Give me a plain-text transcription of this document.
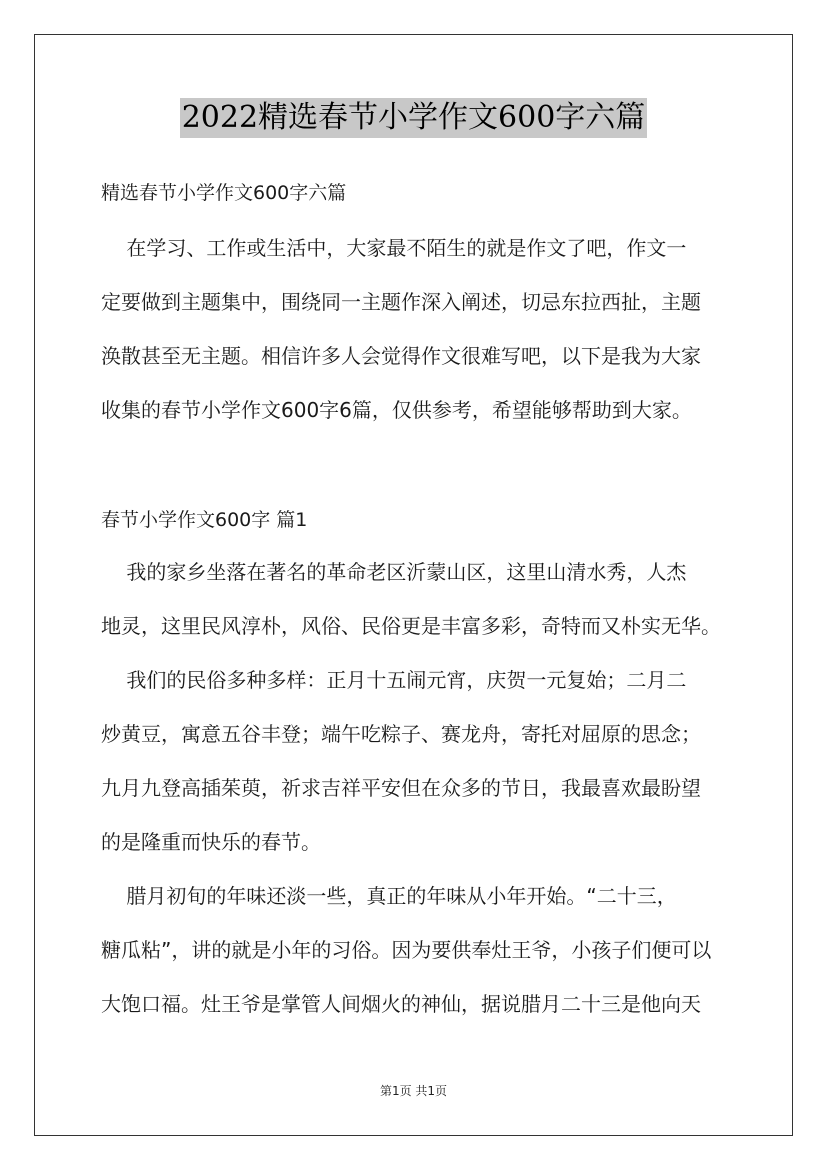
2022精选春节小学作文600字六篇
精选春节小学作文600字六篇
在学习、工作或生活中，大家最不陌生的就是作文了吧，作文一
定要做到主题集中，围绕同一主题作深入阐述，切忌东拉西扯，主题
涣散甚至无主题。相信许多人会觉得作文很难写吧，以下是我为大家
收集的春节小学作文600字6篇，仅供参考，希望能够帮助到大家。
春节小学作文600字 篇1
我的家乡坐落在著名的革命老区沂蒙山区，这里山清水秀，人杰
地灵，这里民风淳朴，风俗、民俗更是丰富多彩，奇特而又朴实无华。
我们的民俗多种多样：正月十五闹元宵，庆贺一元复始；二月二
炒黄豆，寓意五谷丰登；端午吃粽子、赛龙舟，寄托对屈原的思念；
九月九登高插茱萸，祈求吉祥平安但在众多的节日，我最喜欢最盼望
的是隆重而快乐的春节。
腊月初旬的年味还淡一些，真正的年味从小年开始。“二十三，
糖瓜粘”，讲的就是小年的习俗。因为要供奉灶王爷，小孩子们便可以
大饱口福。灶王爷是掌管人间烟火的神仙，据说腊月二十三是他向天
第1页 共1页
